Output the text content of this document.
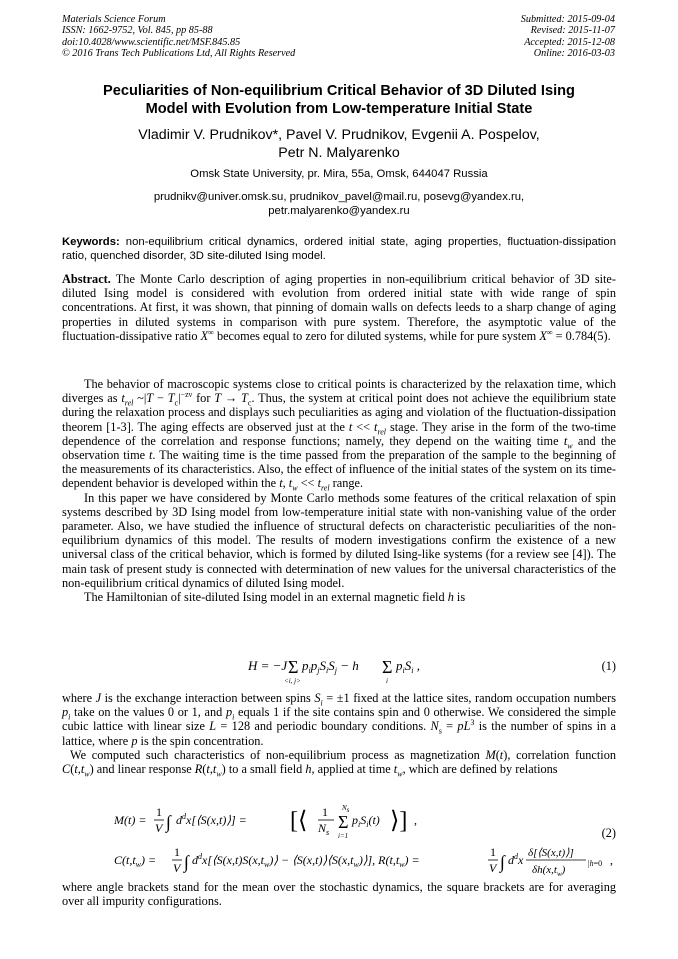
Materials Science Forum
ISSN: 1662-9752, Vol. 845, pp 85-88
doi:10.4028/www.scientific.net/MSF.845.85
© 2016 Trans Tech Publications Ltd, All Rights Reserved
Submitted: 2015-09-04
Revised: 2015-11-07
Accepted: 2015-12-08
Online: 2016-03-03
Peculiarities of Non-equilibrium Critical Behavior of 3D Diluted Ising
Model with Evolution from Low-temperature Initial State
Vladimir V. Prudnikov*, Pavel V. Prudnikov, Evgenii A. Pospelov,
Petr N. Malyarenko
Omsk State University, pr. Mira, 55a, Omsk, 644047 Russia
prudnikv@univer.omsk.su, prudnikov_pavel@mail.ru, posevg@yandex.ru,
petr.malyarenko@yandex.ru
Keywords: non-equilibrium critical dynamics, ordered initial state, aging properties, fluctuation-dissipation ratio, quenched disorder, 3D site-diluted Ising model.

Abstract. The Monte Carlo description of aging properties in non-equilibrium critical behavior of 3D site-diluted Ising model is considered with evolution from ordered initial state with wide range of spin concentrations. At first, it was shown, that pinning of domain walls on defects leeds to a sharp change of aging properties in diluted systems in comparison with pure system. Therefore, the asymptotic value of the fluctuation-dissipative ratio X∞ becomes equal to zero for diluted systems, while for pure system X∞ = 0.784(5).

The behavior of macroscopic systems close to critical points is characterized by the relaxation time, which diverges as $t_{rel}$ ~|T − $T_c|^{-z\nu}$ for $T \to T_c$. Thus, the system at critical point does not achieve the equilibrium state during the relaxation process and displays such peculiarities as aging and violation of the fluctuation-dissipation theorem [1-3]. The aging effects are observed just at the $t << t_{rel}$ stage. They arise in the form of the two-time dependence of the correlation and response functions; namely, they depend on the waiting time $t_w$ and the observation time t. The waiting time is the time passed from the preparation of the sample to the beginning of the measurements of its characteristics. Also, the effect of influence of the initial states of the system on its time-dependent behavior is developed within the t, $t_w << t_{rel}$ range.

In this paper we have considered by Monte Carlo methods some features of the critical relaxation of spin systems described by 3D Ising model from low-temperature initial state with non-vanishing value of the order parameter. Also, we have studied the influence of structural defects on characteristic peculiarities of the non-equilibrium dynamics of this model. The results of modern investigations confirm the existence of a new universal class of the critical behavior, which is formed by diluted Ising-like systems (for a review see [4]). The main task of present study is connected with determination of new values for the universal characteristics of the non-equilibrium critical dynamics of diluted Ising model.

The Hamiltonian of site-diluted Ising model in an external magnetic field h is

H = −J Σ
<i, j>
$p_ip_jS_iS_j - h$ Σ
i
$p_iS_i$ ,	(1)

where J is the exchange interaction between spins $S_i = \pm 1$ fixed at the lattice sites, random occupation numbers $p_i$ take on the values 0 or 1, and $p_i$ equals 1 if the site contains spin and 0 otherwise. We considered the simple cubic lattice with linear size L = 128 and periodic boundary conditions. $N_s = pL^3$ is the number of spins in a lattice, where p is the spin concentration.

We computed such characteristics of non-equilibrium process as magnetization M(t), correlation function $C(t,t_w)$ and linear response $R(t,t_w)$ to a small field h, applied at time $t_w$, which are defined by relations

M(t) =
1
V ∫ $d^dx[⟨S(x,t)⟩]$ = [⟨ 1
$N_s$
Σ
Ns
i=1
$p_iS_i(t)$ ⟩] ,
$C(t,t_w)$ =
1
V ∫ $d^dx[⟨S(x,t)S(x,t_w)⟩$ − $⟨S(x,t)⟩⟨S(x,t_w)⟩$], $R(t,t_w)$ =
1
V ∫ $d^dx$ δ[⟨S(x,t)⟩]
$\delta h(x,t_w)$
|h=0 ,
(2)

where angle brackets stand for the mean over the stochastic dynamics, the square brackets are for averaging over all impurity configurations.
